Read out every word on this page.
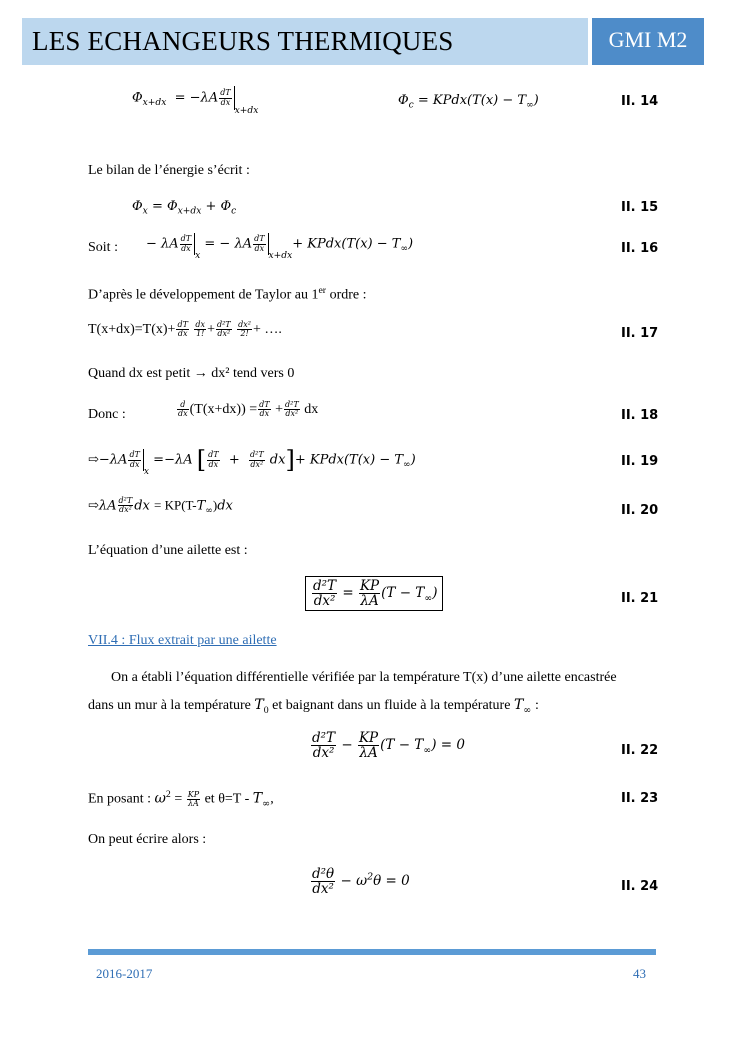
LES ECHANGEURS THERMIQUES	GMI M2
$\Phi_{x+dx} = -\lambda A \frac{dT}{dx}$
$_{x+dx}$
$\Phi_c$ = KPdx(T(x) − $T_\infty$)	II. 14
Le bilan de l’énergie s’écrit :
$\Phi_x = \Phi_{x+dx} + \Phi_c$	II. 15
Soit : − λA $\frac{dT}{dx}$
$_x$ = − λA $\frac{dT}{dx}$
$_{x+dx}$+ KPdx(T(x) − $T_\infty$)	II. 16
D’après le développement de Taylor au 1er ordre :
$T(x+dx)=T(x)+ \frac{dT}{dx}$
$\frac{dx}{1!} + \frac{\text{d²T}}{\text{dx²}}$
$\frac{\text{dx²}}{2!}$ + ….	II. 17
Quand dx est petit → dx² tend vers 0
Donc :	$\frac{d}{dx} (T(x+dx)) = \frac{dT}{dx} + \frac{\text{d²T}}{\text{dx²}}$ dx	II. 18
⇨−λA $\frac{dT}{dx}$
$_x$ =−λA [ $\frac{dT}{dx} + \frac{\text{d²T}}{\text{dx²}} dx]+$ KPdx(T(x) − $T_\infty$)	II. 19
⇨λA $\frac{\text{d²T}}{\text{dx²}}$ dx = $KP(T-T_\infty)dx$	II. 20
L’équation d’une ailette est :
$\frac{\text{d²T}}{\text{dx²}} = \frac{KP}{\lambda A} (T - T_\infty)$	II. 21
VII.4 : Flux extrait par une ailette
On a établi l’équation différentielle vérifiée par la température T(x) d’une ailette encastrée
dans un mur à la température $T_0$ et baignant dans un fluide à la température $T_\infty$ :
$\frac{\text{d²T}}{\text{dx²}} - \frac{KP}{\lambda A} (T - T_\infty) = 0$	II. 22
En posant : $\omega^2 = \frac{KP}{\lambda A}$ et $\theta=T - T_\infty$,	II. 23
On peut écrire alors :
$\frac{\text{d²θ}}{\text{dx²}} - \omega^2\theta = 0$	II. 24
2016-2017	43
